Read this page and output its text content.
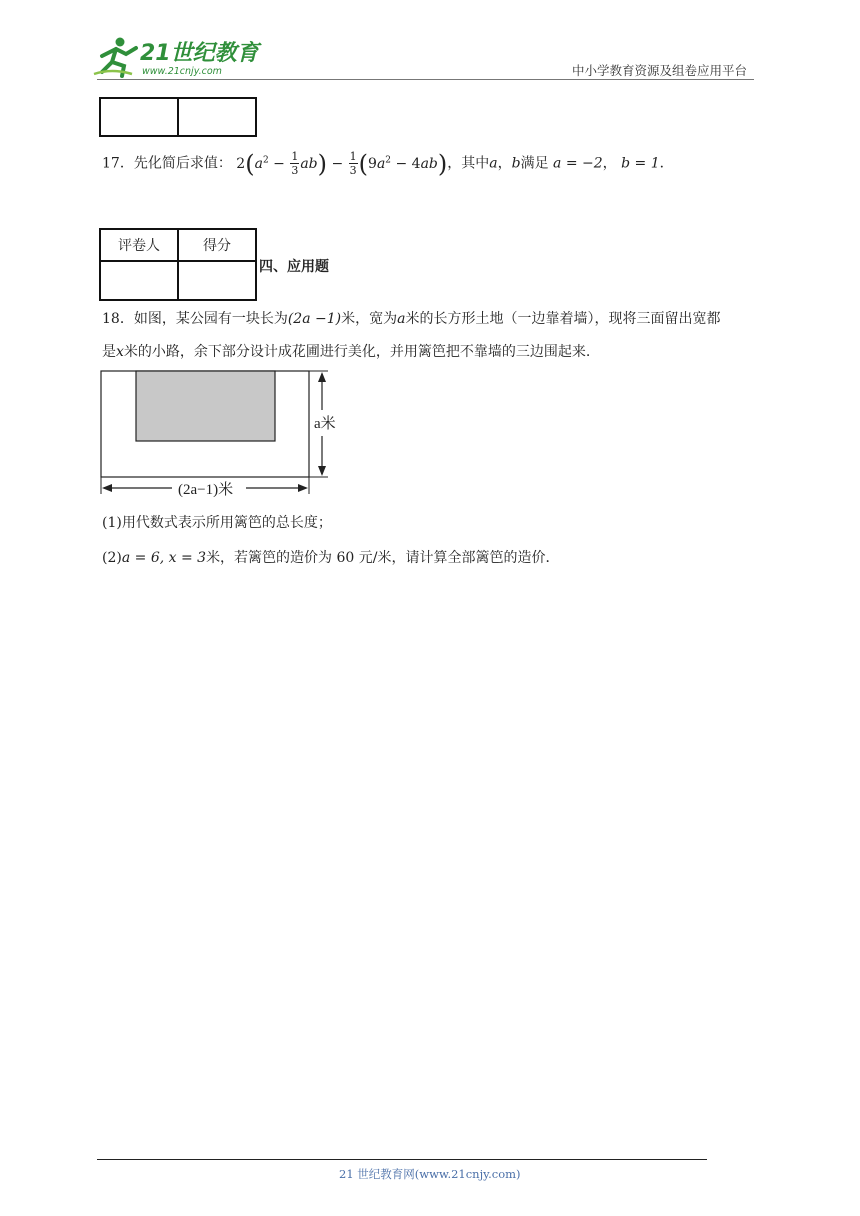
21世纪教育
www.21cnjy.com	中小学教育资源及组卷应用平台

17．先化简后求值： $2(a^2 - \frac{1}{3} ab) - \frac{1}{3} (9a^2 - 4ab)$，其中a，b满足 a = −2， b = 1．
评卷人	得分

四、应用题
18．如图，某公园有一块长为(2a −1)米，宽为a米的长方形土地（一边靠着墙），现将三面留出宽都
是x米的小路，余下部分设计成花圃进行美化，并用篱笆把不靠墙的三边围起来.
a米
(2a−1)米
(1)用代数式表示所用篱笆的总长度；
(2)a = 6, x = 3米，若篱笆的造价为 60 元/米，请计算全部篱笆的造价．
21 世纪教育网(www.21cnjy.com)
